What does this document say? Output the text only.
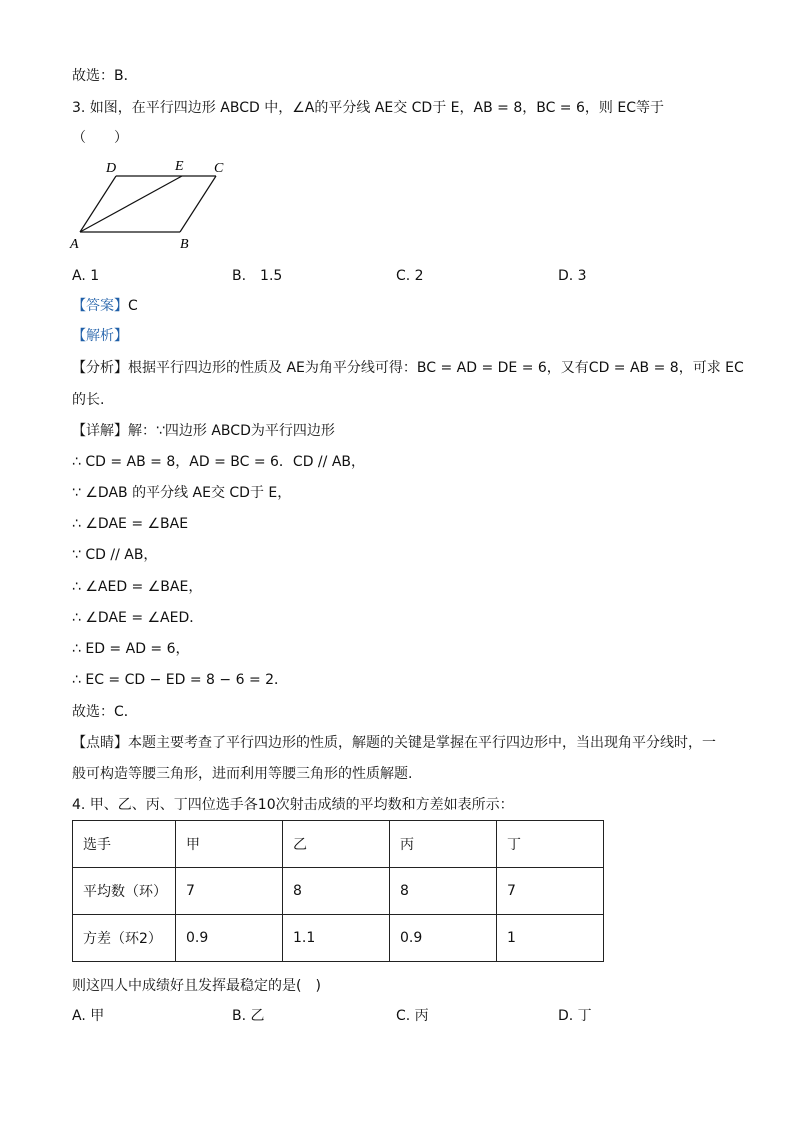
故选：B．
3. 如图，在平行四边形 ABCD 中，∠A的平分线 AE交 CD于 E，AB = 8，BC = 6，则 EC等于
（　　）
D	E C
A	B
A. 1	B.　1.5	C. 2	D. 3
【答案】C
【解析】
【分析】根据平行四边形的性质及 AE为角平分线可得：BC = AD = DE = 6，又有CD = AB = 8，可求 EC
的长.
【详解】解：∵四边形 ABCD为平行四边形
∴ CD = AB = 8，AD = BC = 6．CD // AB，
∵ ∠DAB 的平分线 AE交 CD于 E，
∴ ∠DAE = ∠BAE
∵ CD // AB，
∴ ∠AED = ∠BAE，
∴ ∠DAE = ∠AED．
∴ ED = AD = 6，
∴ EC = CD − ED = 8 − 6 = 2．
故选：C．
【点睛】本题主要考查了平行四边形的性质，解题的关键是掌握在平行四边形中，当出现角平分线时，一
般可构造等腰三角形，进而利用等腰三角形的性质解题.
4. 甲、乙、丙、丁四位选手各10次射击成绩的平均数和方差如表所示：
选手	甲	乙	丙	丁
平均数（环）	7	8	8	7
方差（环2）	0.9	1.1	0.9	1
则这四人中成绩好且发挥最稳定的是(　)
A. 甲	B. 乙	C. 丙	D. 丁
